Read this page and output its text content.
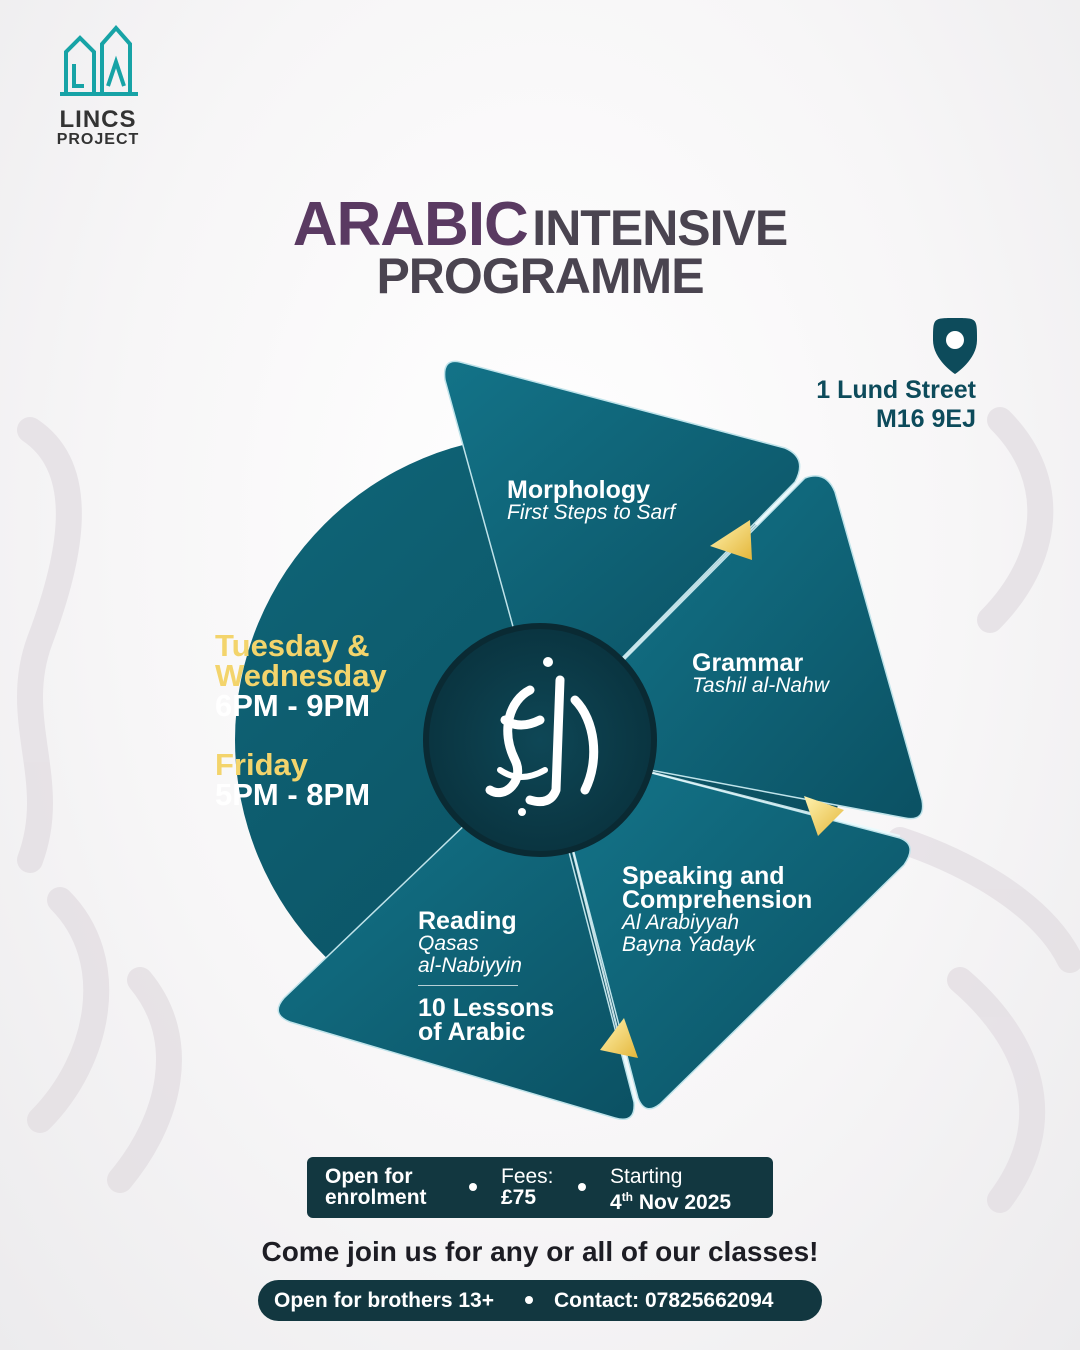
LINCS
PROJECT
ARABIC INTENSIVE
PROGRAMME
1 Lund Street
M16 9EJ
Tuesday &
Wednesday
6PM - 9PM
Friday
5PM - 8PM
Morphology
First Steps to Sarf
Grammar
Tashil al-Nahw
Speaking and
Comprehension
Al Arabiyyah
Bayna Yadayk
Reading
Qasas
al-Nabiyyin
10 Lessons
of Arabic
Open for
enrolment
Fees:
£75
Starting
4th Nov 2025
Come join us for any or all of our classes!
Open for brothers 13+	Contact: 07825662094
